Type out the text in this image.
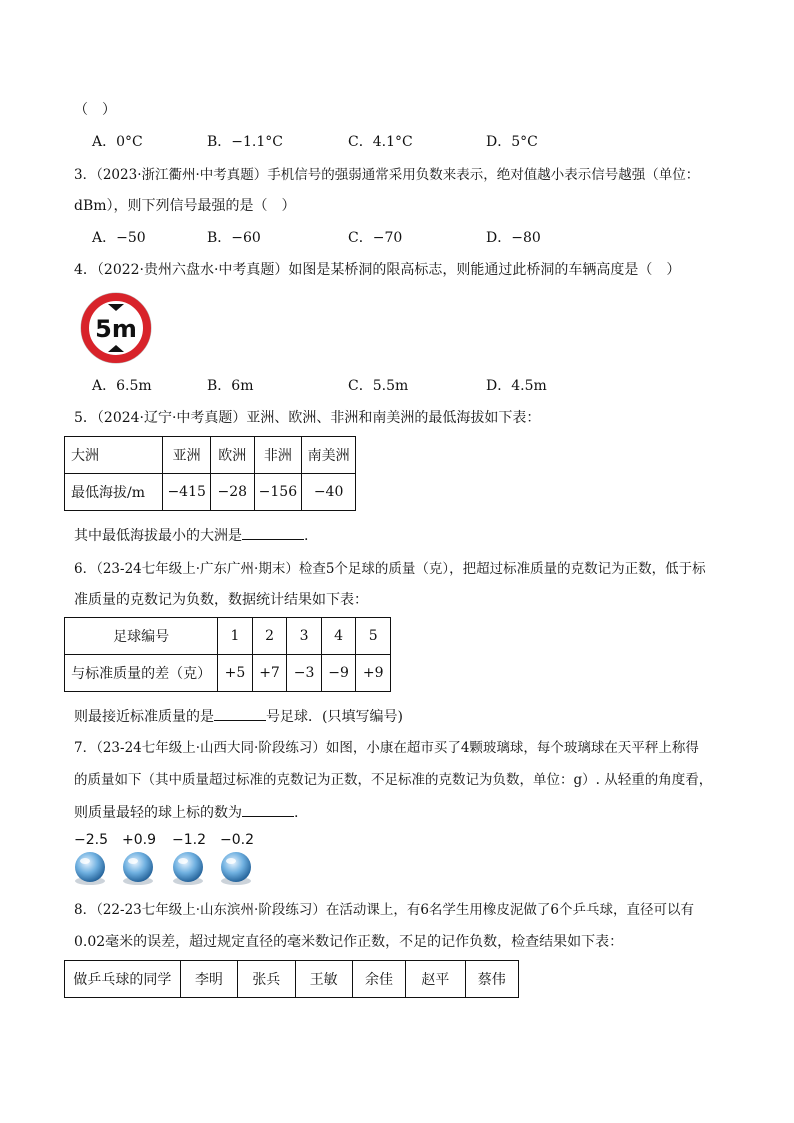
（　）
A．0°C	B．−1.1°C	C．4.1°C	D．5°C
3．（2023·浙江衢州·中考真题）手机信号的强弱通常采用负数来表示，绝对值越小表示信号越强（单位：
dBm），则下列信号最强的是（　）
A．−50	B．−60	C．−70	D．−80
4．（2022·贵州六盘水·中考真题）如图是某桥洞的限高标志，则能通过此桥洞的车辆高度是（　）
5m
A．6.5m	B．6m	C．5.5m	D．4.5m
5．（2024·辽宁·中考真题）亚洲、欧洲、非洲和南美洲的最低海拔如下表：
大洲	亚洲	欧洲	非洲	南美洲
最低海拔/m	−415	−28	−156	−40
其中最低海拔最小的大洲是	.
6．（23-24七年级上·广东广州·期末）检查5个足球的质量（克），把超过标准质量的克数记为正数，低于标
准质量的克数记为负数，数据统计结果如下表：
足球编号	1	2	3	4	5
与标准质量的差（克）	+5	+7	−3	−9	+9
则最接近标准质量的是	号足球．(只填写编号)
7．（23-24七年级上·山西大同·阶段练习）如图，小康在超市买了4颗玻璃球，每个玻璃球在天平秤上称得
的质量如下（其中质量超过标准的克数记为正数，不足标准的克数记为负数，单位：g）. 从轻重的角度看，
则质量最轻的球上标的数为	.
−2.5 +0.9 −1.2 −0.2
8．（22-23七年级上·山东滨州·阶段练习）在活动课上，有6名学生用橡皮泥做了6个乒乓球，直径可以有
0.02毫米的误差，超过规定直径的毫米数记作正数，不足的记作负数，检查结果如下表：
做乒乓球的同学	李明	张兵	王敏	余佳	赵平	蔡伟
